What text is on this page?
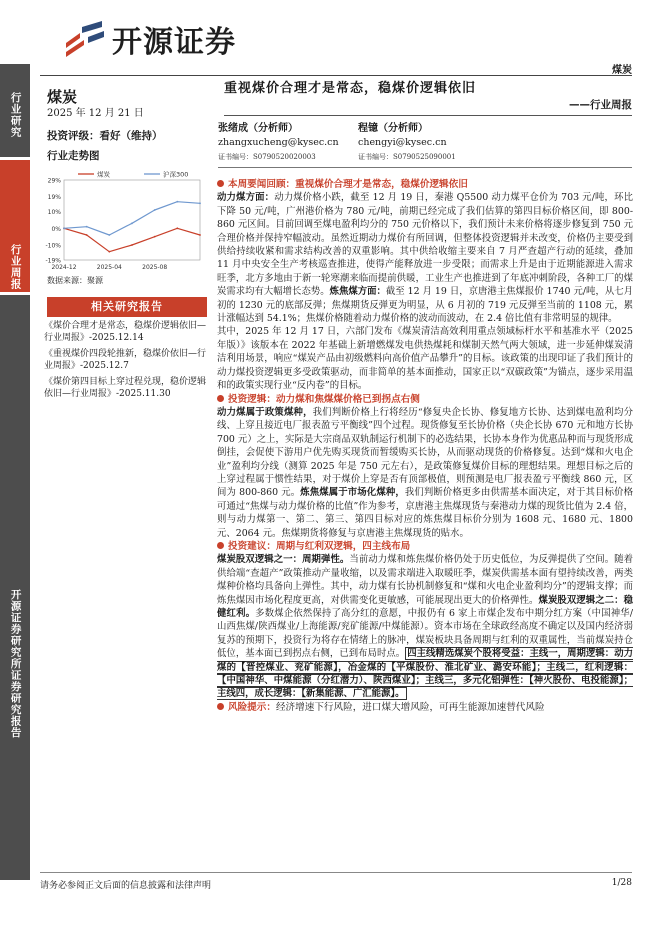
行业研究
行业周报
开源证券研究所证券研究报告
开源证券
煤炭
煤炭
2025 年 12 月 21 日
重视煤价合理才是常态，稳煤价逻辑依旧
——行业周报
投资评级：看好（维持）
行业走势图
张绪成（分析师）
zhangxucheng@kysec.cn
证书编号：S0790520020003
程镱（分析师）
chengyi@kysec.cn
证书编号：S0790525090001
29%
19%
10%
0%
-10%
-19%
2024-12	2025-04	2025-08
煤炭	沪深300
数据来源：聚源
相关研究报告
《煤价合理才是常态，稳煤价逻辑依旧—行业周报》-2025.12.14
《重视煤价四段轮推新，稳煤价依旧—行业周报》-2025.12.7
《煤价第四目标上穿过程兑现，稳价逻辑依旧—行业周报》-2025.11.30
本周要闻回顾：重视煤价合理才是常态，稳煤价逻辑依旧

动力煤方面：动力煤价格小跌，截至 12 月 19 日，秦港 Q5500 动力煤平仓价为 703 元/吨，环比下降 50 元/吨，广州港价格为 780 元/吨，前期已经完成了我们估算的第四目标价格区间，即 800-860 元区间。目前回调至煤电盈利均分的 750 元价格以下，我们预计未来价格将逐步修复到 750 元合理价格并保持窄幅波动。虽然近期动力煤价有所回调，但整体投资逻辑并未改变，价格仍主要受到供给持续收紧和需求结构改善的双重影响。其中供给收缩主要来自 7 月严查超产行动的延续，叠加 11 月中央安全生产考核巡查推进，使得产能释放进一步受限；而需求上升是由于近期能源进入需求旺季，北方多地由于新一轮寒潮来临而提前供暖，工业生产也推进到了年底冲刺阶段，各种工厂的煤炭需求均有大幅增长态势。炼焦煤方面：截至 12 月 19 日，京唐港主焦煤报价 1740 元/吨，从七月初的 1230 元的底部反弹；焦煤期货反弹更为明显，从 6 月初的 719 元反弹至当前的 1108 元，累计涨幅达到 54.1%；焦煤价格随着动力煤价格的波动而波动，在 2.4 倍比值有非常明显的规律。

其中，2025 年 12 月 17 日，六部门发布《煤炭清洁高效利用重点领域标杆水平和基准水平（2025 年版）》该版本在 2022 年基础上新增燃煤发电供热煤耗和煤制天然气两大领域，进一步延伸煤炭清洁利用场景，响应“煤炭产品由初级燃料向高价值产品攀升”的目标。该政策的出现印证了我们预计的动力煤投资逻辑更多受政策驱动，而非简单的基本面推动，国家正以“双碳政策”为锚点，逐步采用温和的政策实现行业“反内卷”的目标。

投资逻辑：动力煤和焦煤煤价格已到拐点右侧

动力煤属于政策煤种，我们判断价格上行将经历“修复央企长协、修复地方长协、达到煤电盈利均分线、上穿且接近电厂报表盈亏平衡线”四个过程。现货修复至长协价格（央企长协 670 元和地方长协 700 元）之上，实际是大宗商品双轨制运行机制下的必选结果，长协本身作为优惠品种而与现货形成倒挂，会促使下游用户优先购买现货而暂缓购买长协，从而驱动现货的价格修复。达到“煤和火电企业”盈利均分线（测算 2025 年是 750 元左右），是政策修复煤价目标的理想结果。理想目标之后的上穿过程属于惯性结果，对于煤价上穿是否有顶部极值，则预测是电厂报表盈亏平衡线 860 元，区间为 800-860 元。炼焦煤属于市场化煤种，我们判断价格更多由供需基本面决定，对于其目标价格可通过“焦煤与动力煤价格的比值”作为参考，京唐港主焦煤现货与秦港动力煤的现货比值为 2.4 倍，则与动力煤第一、第二、第三、第四目标对应的炼焦煤目标价分别为 1608 元、1680 元、1800 元、2064 元。焦煤期货将修复与京唐港主焦煤现货的贴水。

投资建议：周期与红利双逻辑，四主线布局

煤炭股双逻辑之一：周期弹性。当前动力煤和炼焦煤价格仍处于历史低位，为反弹提供了空间。随着供给端“查超产”政策推动产量收缩，以及需求端进入取暖旺季，煤炭供需基本面有望持续改善，两类煤种价格均具备向上弹性。其中，动力煤有长协机制修复和“煤和火电企业盈利均分”的逻辑支撑；而炼焦煤因市场化程度更高，对供需变化更敏感，可能展现出更大的价格弹性。煤炭股双逻辑之二：稳健红利。多数煤企依然保持了高分红的意愿，中报仍有 6 家上市煤企发布中期分红方案（中国神华/山西焦煤/陕西煤业/上海能源/兖矿能源/中煤能源）。资本市场在全球政经高度不确定以及国内经济弱复苏的预期下，投资行为将存在情绪上的脉冲，煤炭板块具备周期与红利的双重属性，当前煤炭持仓低位，基本面已到拐点右侧，已到布局时点。 四主线精选煤炭个股将受益：主线一，周期逻辑：动力煤的【晋控煤业、兖矿能源】，冶金煤的【平煤股份、淮北矿业、潞安环能】；主线二，红利逻辑：【中国神华、中煤能源（分红潜力）、陕西煤业】；主线三，多元化铝弹性：【神火股份、电投能源】；主线四，成长逻辑：【新集能源、广汇能源】。

风险提示：经济增速下行风险，进口煤大增风险，可再生能源加速替代风险
请务必参阅正文后面的信息披露和法律声明	1/28
